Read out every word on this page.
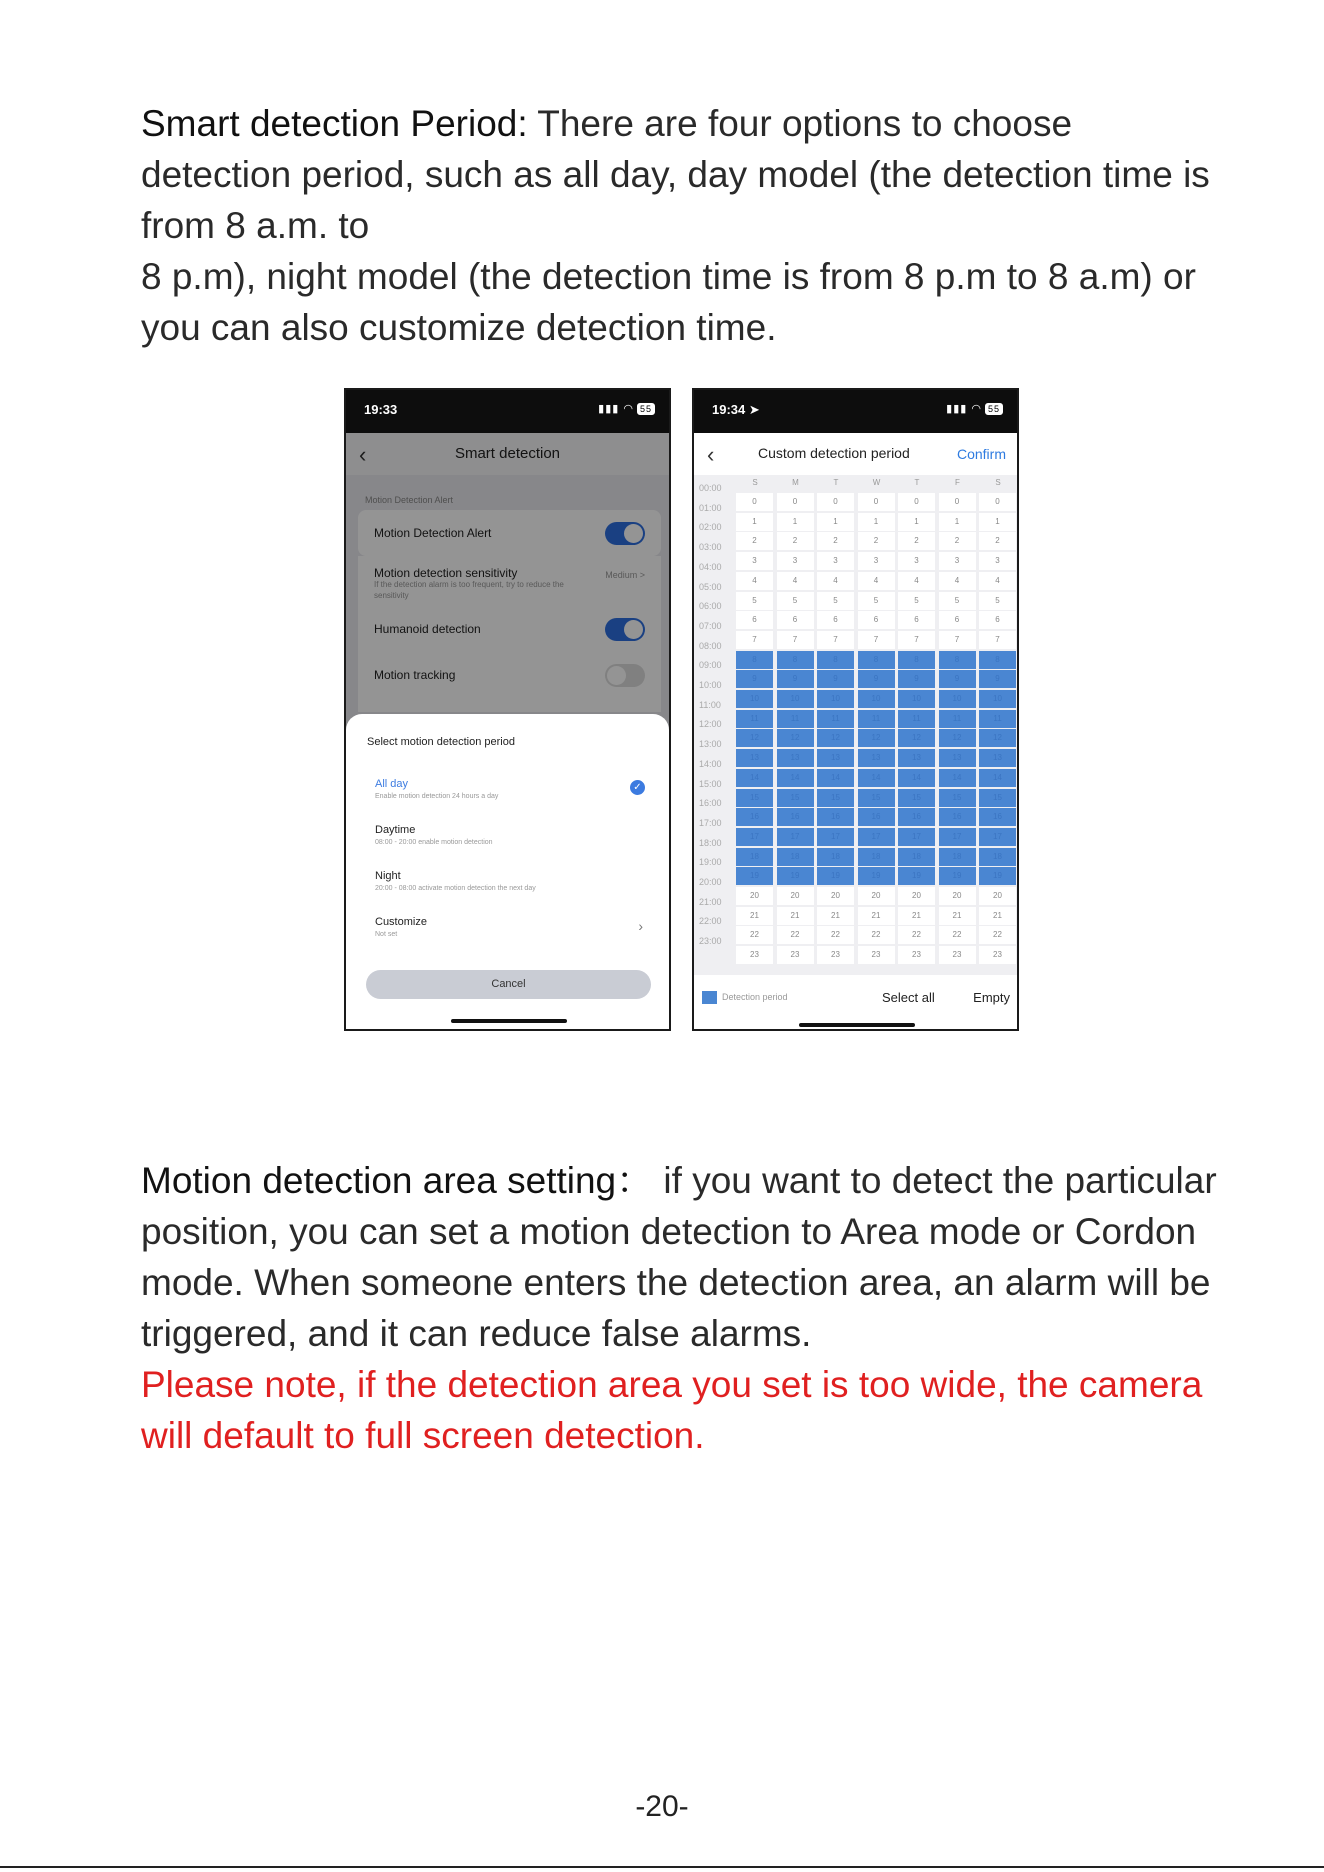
Smart detection Period: There are four options to choose detection period, such as all day, day model (the detection time is from 8 a.m. to
8 p.m), night model (the detection time is from 8 p.m to 8 a.m) or you can also customize detection time.
19:33	▮▮▮ ◠ 55
‹	Smart detection
Motion Detection Alert
Motion Detection Alert
Motion detection sensitivity
If the detection alarm is too frequent, try to reduce the sensitivity
Medium >
Humanoid detection
Motion tracking
Select motion detection period
All day
Enable motion detection 24 hours a day
✓
Daytime
08:00 - 20:00 enable motion detection
Night
20:00 - 08:00 activate motion detection the next day
Customize
Not set
›
Cancel
19:34 ➤	▮▮▮ ◠ 55
‹	Custom detection period	Confirm
S	M	T	W	T	F	S
00:00
0	0	0	0	0	0	0
01:00
1	1	1	1	1	1	1
02:00
2	2	2	2	2	2	2
03:00
3	3	3	3	3	3	3
04:00
4	4	4	4	4	4	4
05:00
5	5	5	5	5	5	5
06:00
6	6	6	6	6	6	6
07:00
7	7	7	7	7	7	7
08:00
8	8	8	8	8	8	8
09:00
9	9	9	9	9	9	9
10:00
10	10	10	10	10	10	10
11:00
11	11	11	11	11	11	11
12:00
12	12	12	12	12	12	12
13:00
13	13	13	13	13	13	13
14:00
14	14	14	14	14	14	14
15:00
15	15	15	15	15	15	15
16:00
16	16	16	16	16	16	16
17:00
17	17	17	17	17	17	17
18:00
18	18	18	18	18	18	18
19:00
19	19	19	19	19	19	19
20:00
20	20	20	20	20	20	20
21:00
21	21	21	21	21	21	21
22:00
22	22	22	22	22	22	22
23:00
23	23	23	23	23	23	23
Detection period	Select all	Empty
Motion detection area setting： if you want to detect the particular position, you can set a motion detection to Area mode or Cordon mode. When someone enters the detection area, an alarm will be triggered, and it can reduce false alarms.
Please note, if the detection area you set is too wide, the camera will default to full screen detection.
-20-
